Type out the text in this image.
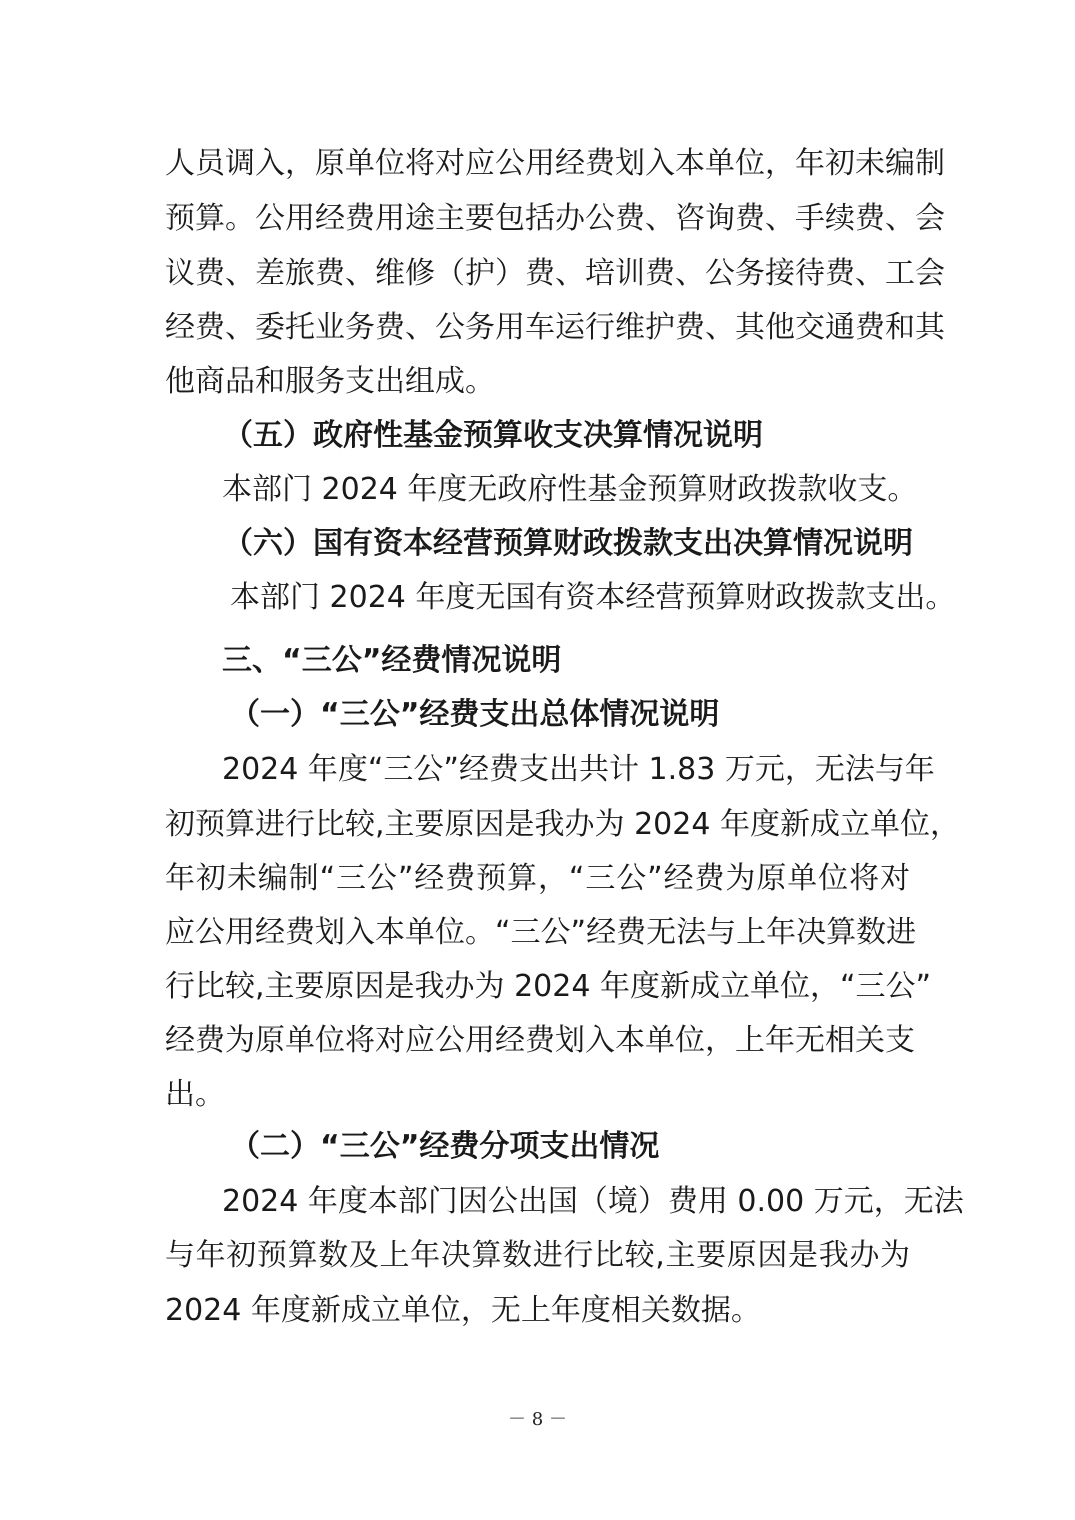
人员调入，原单位将对应公用经费划入本单位，年初未编制
预算。公用经费用途主要包括办公费、咨询费、手续费、会
议费、差旅费、维修（护）费、培训费、公务接待费、工会
经费、委托业务费、公务用车运行维护费、其他交通费和其
他商品和服务支出组成。
（五）政府性基金预算收支决算情况说明
本部门 2024 年度无政府性基金预算财政拨款收支。
（六）国有资本经营预算财政拨款支出决算情况说明
本部门 2024 年度无国有资本经营预算财政拨款支出。
三、“三公”经费情况说明
（一）“三公”经费支出总体情况说明
2024 年度“三公”经费支出共计 1.83 万元，无法与年
初预算进行比较,主要原因是我办为 2024 年度新成立单位，
年初未编制“三公”经费预算，“三公”经费为原单位将对
应公用经费划入本单位。“三公”经费无法与上年决算数进
行比较,主要原因是我办为 2024 年度新成立单位，“三公”
经费为原单位将对应公用经费划入本单位，上年无相关支
出。
（二）“三公”经费分项支出情况
2024 年度本部门因公出国（境）费用 0.00 万元，无法
与年初预算数及上年决算数进行比较,主要原因是我办为
2024 年度新成立单位，无上年度相关数据。
－ 8 －
